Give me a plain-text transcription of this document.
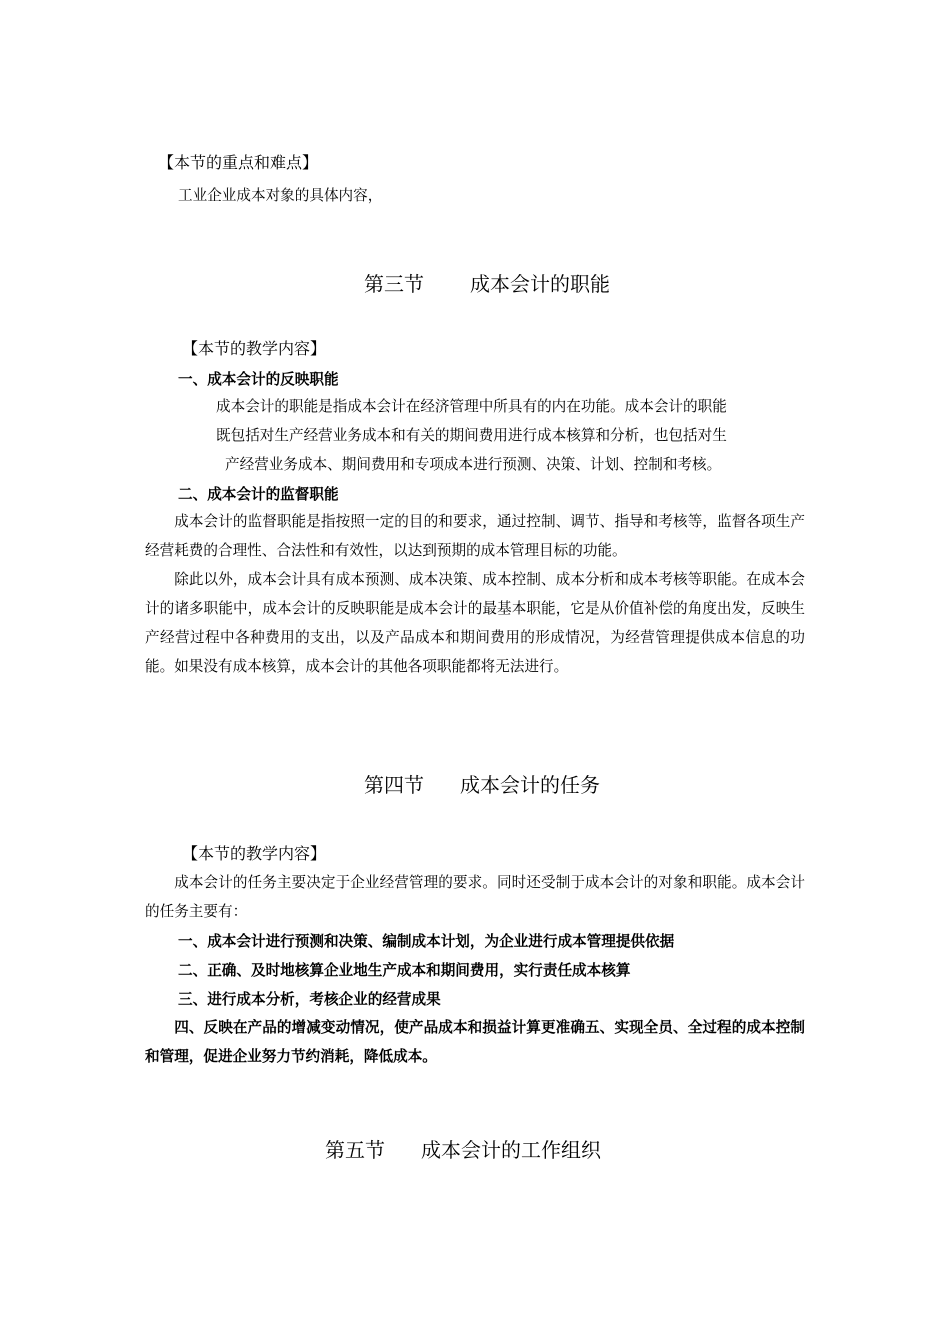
【本节的重点和难点】
工业企业成本对象的具体内容，
第三节 成本会计的职能
【本节的教学内容】
一、成本会计的反映职能
成本会计的职能是指成本会计在经济管理中所具有的内在功能。成本会计的职能
既包括对生产经营业务成本和有关的期间费用进行成本核算和分析，也包括对生
产经营业务成本、期间费用和专项成本进行预测、决策、计划、控制和考核。
二、成本会计的监督职能
成本会计的监督职能是指按照一定的目的和要求，通过控制、调节、指导和考核等，监督各项生产经营耗费的合理性、合法性和有效性，以达到预期的成本管理目标的功能。
除此以外，成本会计具有成本预测、成本决策、成本控制、成本分析和成本考核等职能。在成本会计的诸多职能中，成本会计的反映职能是成本会计的最基本职能，它是从价值补偿的角度出发，反映生产经营过程中各种费用的支出，以及产品成本和期间费用的形成情况，为经营管理提供成本信息的功能。如果没有成本核算，成本会计的其他各项职能都将无法进行。
第四节 成本会计的任务
【本节的教学内容】
成本会计的任务主要决定于企业经营管理的要求。同时还受制于成本会计的对象和职能。成本会计的任务主要有：
一、成本会计进行预测和决策、编制成本计划，为企业进行成本管理提供依据
二、正确、及时地核算企业地生产成本和期间费用，实行责任成本核算
三、进行成本分析，考核企业的经营成果
四、反映在产品的增减变动情况，使产品成本和损益计算更准确五、实现全员、全过程的成本控制和管理，促进企业努力节约消耗，降低成本。
第五节 成本会计的工作组织
